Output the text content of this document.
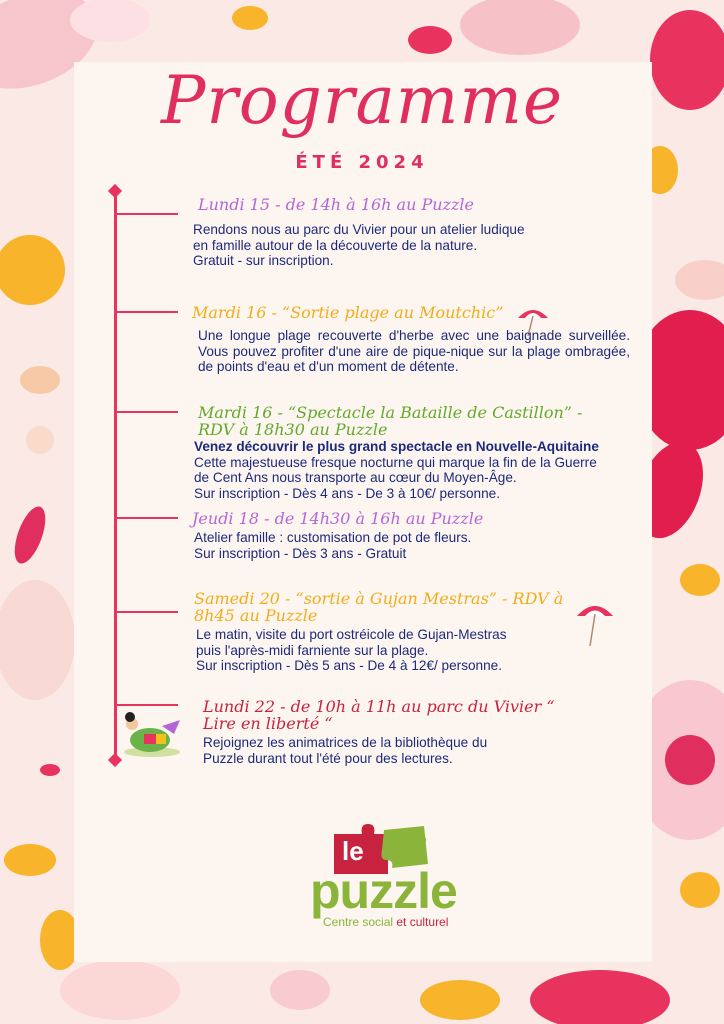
Programme
ÉTÉ 2024
Lundi 15 - de 14h à 16h au Puzzle

Rendons nous au parc du Vivier pour un atelier ludique

en famille autour de la découverte de la nature.

Gratuit - sur inscription.

Mardi 16 - “Sortie plage au Moutchic”
Une longue plage recouverte d'herbe avec une baignade surveillée. Vous pouvez profiter d'une aire de pique-nique sur la plage ombragée, de points d'eau et d'un moment de détente.
Mardi 16 - “Spectacle la Bataille de Castillon” -
RDV à 18h30 au Puzzle

Venez découvrir le plus grand spectacle en Nouvelle-Aquitaine

Cette majestueuse fresque nocturne qui marque la fin de la Guerre

de Cent Ans nous transporte au cœur du Moyen-Âge.

Sur inscription - Dès 4 ans - De 3 à 10€/ personne.

Jeudi 18 - de 14h30 à 16h au Puzzle

Atelier famille : customisation de pot de fleurs.

Sur inscription - Dès 3 ans - Gratuit

Samedi 20 - “sortie à Gujan Mestras” - RDV à
8h45 au Puzzle

Le matin, visite du port ostréicole de Gujan-Mestras

puis l'après-midi farniente sur la plage.

Sur inscription - Dès 5 ans - De 4 à 12€/ personne.

Lundi 22 - de 10h à 11h au parc du Vivier “
Lire en liberté “

Rejoignez les animatrices de la bibliothèque du

Puzzle durant tout l'été pour des lectures.

le
puzzle
Centre social et culturel
